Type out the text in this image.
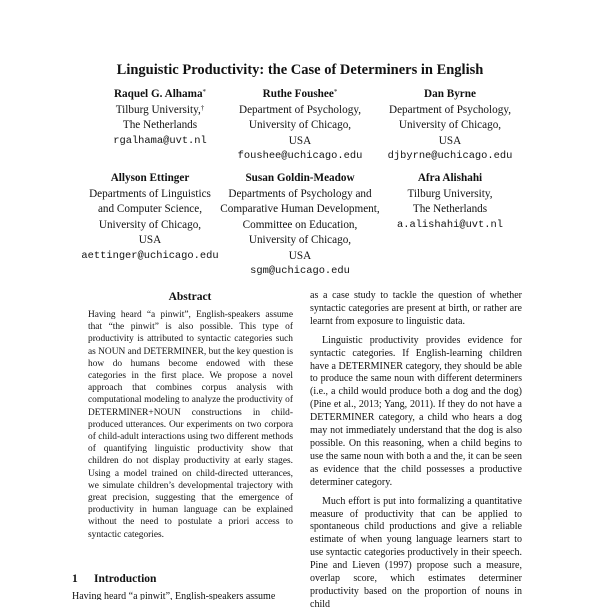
Linguistic Productivity: the Case of Determiners in English
Raquel G. Alhama*
Tilburg University,†
The Netherlands
rgalhama@uvt.nl
Ruthe Foushee*
Department of Psychology,
University of Chicago,
USA
foushee@uchicago.edu
Dan Byrne
Department of Psychology,
University of Chicago,
USA
djbyrne@uchicago.edu
Allyson Ettinger
Departments of Linguistics
and Computer Science,
University of Chicago,
USA
aettinger@uchicago.edu
Susan Goldin-Meadow
Departments of Psychology and
Comparative Human Development,
Committee on Education,
University of Chicago,
USA
sgm@uchicago.edu
Afra Alishahi
Tilburg University,
The Netherlands
a.alishahi@uvt.nl
Abstract

Having heard “a pinwit”, English-speakers assume that “the pinwit” is also possible. This type of productivity is attributed to syntactic categories such as NOUN and DETERMINER, but the key question is how do humans become endowed with these categories in the first place. We propose a novel approach that combines corpus analysis with computational modeling to analyze the productivity of DETERMINER+NOUN constructions in child-produced utterances. Our experiments on two corpora of child-adult interactions using two different methods of quantifying linguistic productivity show that children do not display productivity at early stages. Using a model trained on child-directed utterances, we simulate children’s developmental trajectory with great precision, suggesting that the emergence of productivity in human language can be explained without the need to postulate a priori access to syntactic categories.

1 Introduction
Having heard “a pinwit”, English-speakers assume

as a case study to tackle the question of whether syntactic categories are present at birth, or rather are learnt from exposure to linguistic data.

Linguistic productivity provides evidence for syntactic categories. If English-learning children have a DETERMINER category, they should be able to produce the same noun with different determiners (i.e., a child would produce both a dog and the dog) (Pine et al., 2013; Yang, 2011). If they do not have a DETERMINER category, a child who hears a dog may not immediately understand that the dog is also possible. On this reasoning, when a child begins to use the same noun with both a and the, it can be seen as evidence that the child possesses a productive determiner category.

Much effort is put into formalizing a quantitative measure of productivity that can be applied to spontaneous child productions and give a reliable estimate of when young language learners start to use syntactic categories productively in their speech. Pine and Lieven (1997) propose such a measure, overlap score, which estimates determiner productivity based on the proportion of nouns in child
